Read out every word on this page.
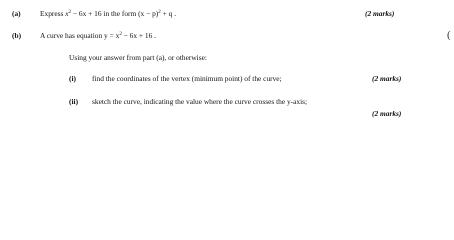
(a)	Express $x^2 - 6x + 16$ in the form $(x - p)^2 + q$ .	(2 marks)
(b)	A curve has equation $y = x^2 - 6x + 16$ .
Using your answer from part (a), or otherwise:
(i) find the coordinates of the vertex (minimum point) of the curve;	(2 marks)
(ii) sketch the curve, indicating the value where the curve crosses the y-axis;
(2 marks)
(
